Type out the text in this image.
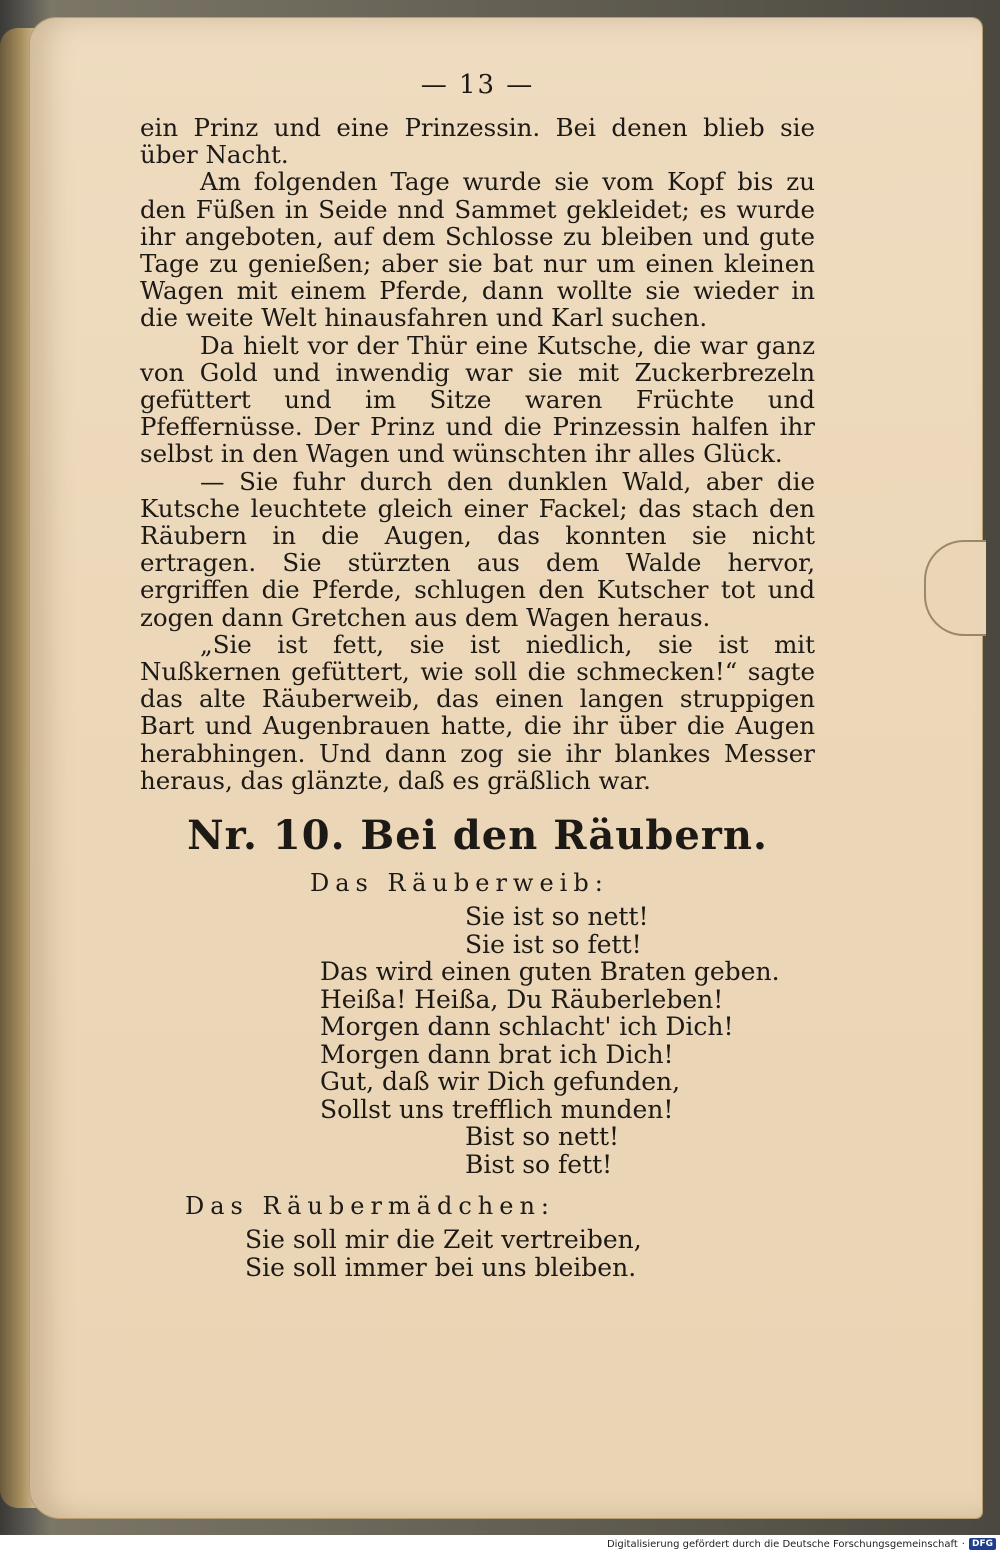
— 13 —

ein Prinz und eine Prinzessin. Bei denen blieb sie über Nacht.

Am folgenden Tage wurde sie vom Kopf bis zu den Füßen in Seide nnd Sammet gekleidet; es wurde ihr angeboten, auf dem Schlosse zu bleiben und gute Tage zu genießen; aber sie bat nur um einen kleinen Wagen mit einem Pferde, dann wollte sie wieder in die weite Welt hinausfahren und Karl suchen.

Da hielt vor der Thür eine Kutsche, die war ganz von Gold und inwendig war sie mit Zuckerbrezeln gefüttert und im Sitze waren Früchte und Pfeffernüsse. Der Prinz und die Prinzessin halfen ihr selbst in den Wagen und wünschten ihr alles Glück.

— Sie fuhr durch den dunklen Wald, aber die Kutsche leuchtete gleich einer Fackel; das stach den Räubern in die Augen, das konnten sie nicht ertragen. Sie stürzten aus dem Walde hervor, ergriffen die Pferde, schlugen den Kutscher tot und zogen dann Gretchen aus dem Wagen heraus.

„Sie ist fett, sie ist niedlich, sie ist mit Nußkernen gefüttert, wie soll die schmecken!“ sagte das alte Räuberweib, das einen langen struppigen Bart und Augenbrauen hatte, die ihr über die Augen herabhingen. Und dann zog sie ihr blankes Messer heraus, das glänzte, daß es gräßlich war.

Nr. 10. Bei den Räubern.
Das Räuberweib:
Sie ist so nett!
Sie ist so fett!
Das wird einen guten Braten geben.
Heißa! Heißa, Du Räuberleben!
Morgen dann schlacht' ich Dich!
Morgen dann brat ich Dich!
Gut, daß wir Dich gefunden,
Sollst uns trefflich munden!
Bist so nett!
Bist so fett!
Das Räubermädchen:
Sie soll mir die Zeit vertreiben,
Sie soll immer bei uns bleiben.
Digitalisierung gefördert durch die Deutsche Forschungsgemeinschaft · DFG
